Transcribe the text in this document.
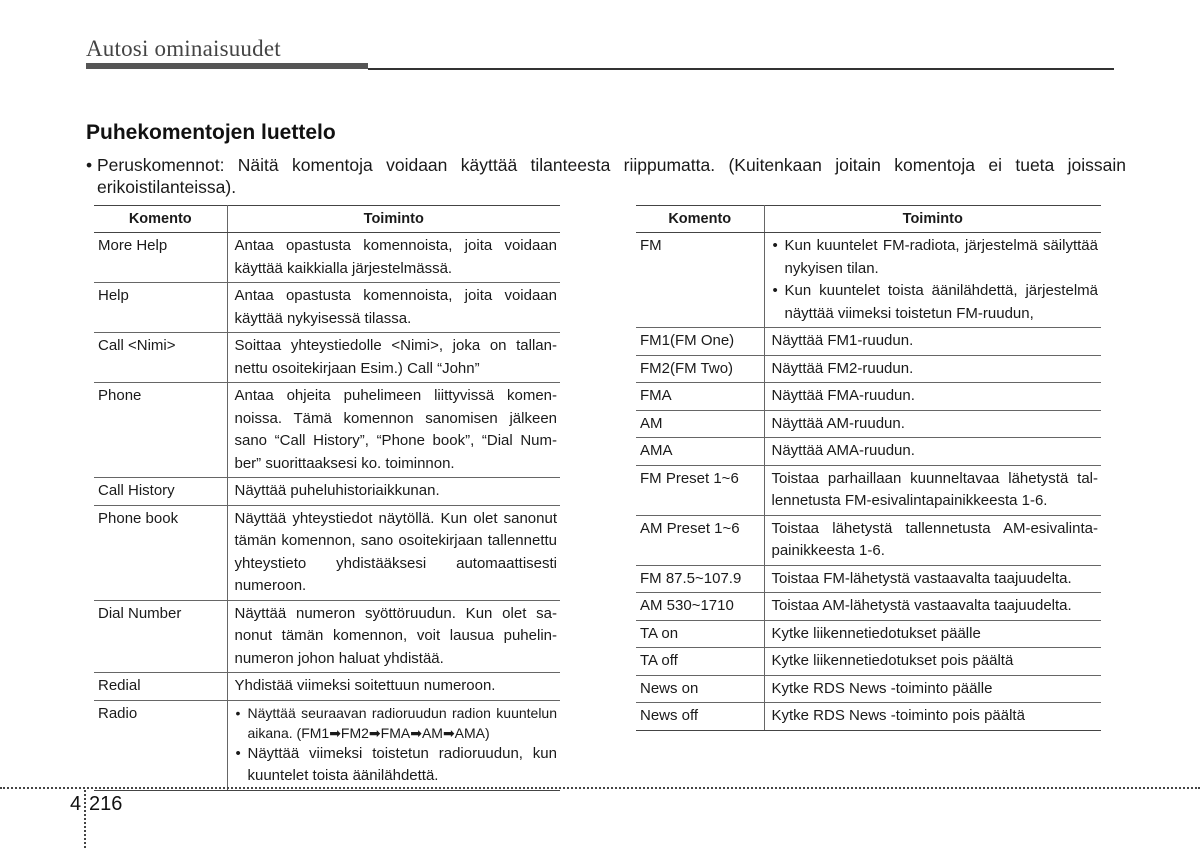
Autosi ominaisuudet
Puhekomentojen luettelo
• Peruskomennot: Näitä komentoja voidaan käyttää tilanteesta riippumatta. (Kuitenkaan joitain komentoja ei tueta joissain erikoistilanteissa).
Komento	Toiminto
More Help	Antaa opastusta komennoista, joita voidaan käyttää kaikkialla järjestelmässä.
Help	Antaa opastusta komennoista, joita voidaan käyttää nykyisessä tilassa.
Call <Nimi>	Soittaa yhteystiedolle <Nimi>, joka on tallannettu osoitekirjaan Esim.) Call “John”
Phone	Antaa ohjeita puhelimeen liittyvissä komennoissa. Tämä komennon sanomisen jälkeen sano “Call History”, “Phone book”, “Dial Number” suorittaaksesi ko. toiminnon.
Call History	Näyttää puheluhistoriaikkunan.
Phone book	Näyttää yhteystiedot näytöllä. Kun olet sanonut tämän komennon, sano osoitekirjaan tallennettu yhteystieto yhdistääksesi automaattisesti numeroon.
Dial Number	Näyttää numeron syöttöruudun. Kun olet sanonut tämän komennon, voit lausua puhelinnumeron johon haluat yhdistää.
Redial	Yhdistää viimeksi soitettuun numeroon.
Radio	• Näyttää seuraavan radioruudun radion kuuntelun aikana. (FM1➡FM2➡FMA➡AM➡AMA)
• Näyttää viimeksi toistetun radioruudun, kun kuuntelet toista äänilähdettä.
Komento	Toiminto
FM	• Kun kuuntelet FM-radiota, järjestelmä säilyttää nykyisen tilan.
• Kun kuuntelet toista äänilähdettä, järjestelmä näyttää viimeksi toistetun FM-ruudun,

FM1(FM One)	Näyttää FM1-ruudun.
FM2(FM Two)	Näyttää FM2-ruudun.
FMA	Näyttää FMA-ruudun.
AM	Näyttää AM-ruudun.
AMA	Näyttää AMA-ruudun.
FM Preset 1~6	Toistaa parhaillaan kuunneltavaa lähetystä tallennetusta FM-esivalintapainikkeesta 1-6.
AM Preset 1~6	Toistaa lähetystä tallennetusta AM-esivalintapainikkeesta 1-6.
FM 87.5~107.9	Toistaa FM-lähetystä vastaavalta taajuudelta.
AM 530~1710	Toistaa AM-lähetystä vastaavalta taajuudelta.
TA on	Kytke liikennetiedotukset päälle
TA off	Kytke liikennetiedotukset pois päältä
News on	Kytke RDS News -toiminto päälle
News off	Kytke RDS News -toiminto pois päältä
4 216
